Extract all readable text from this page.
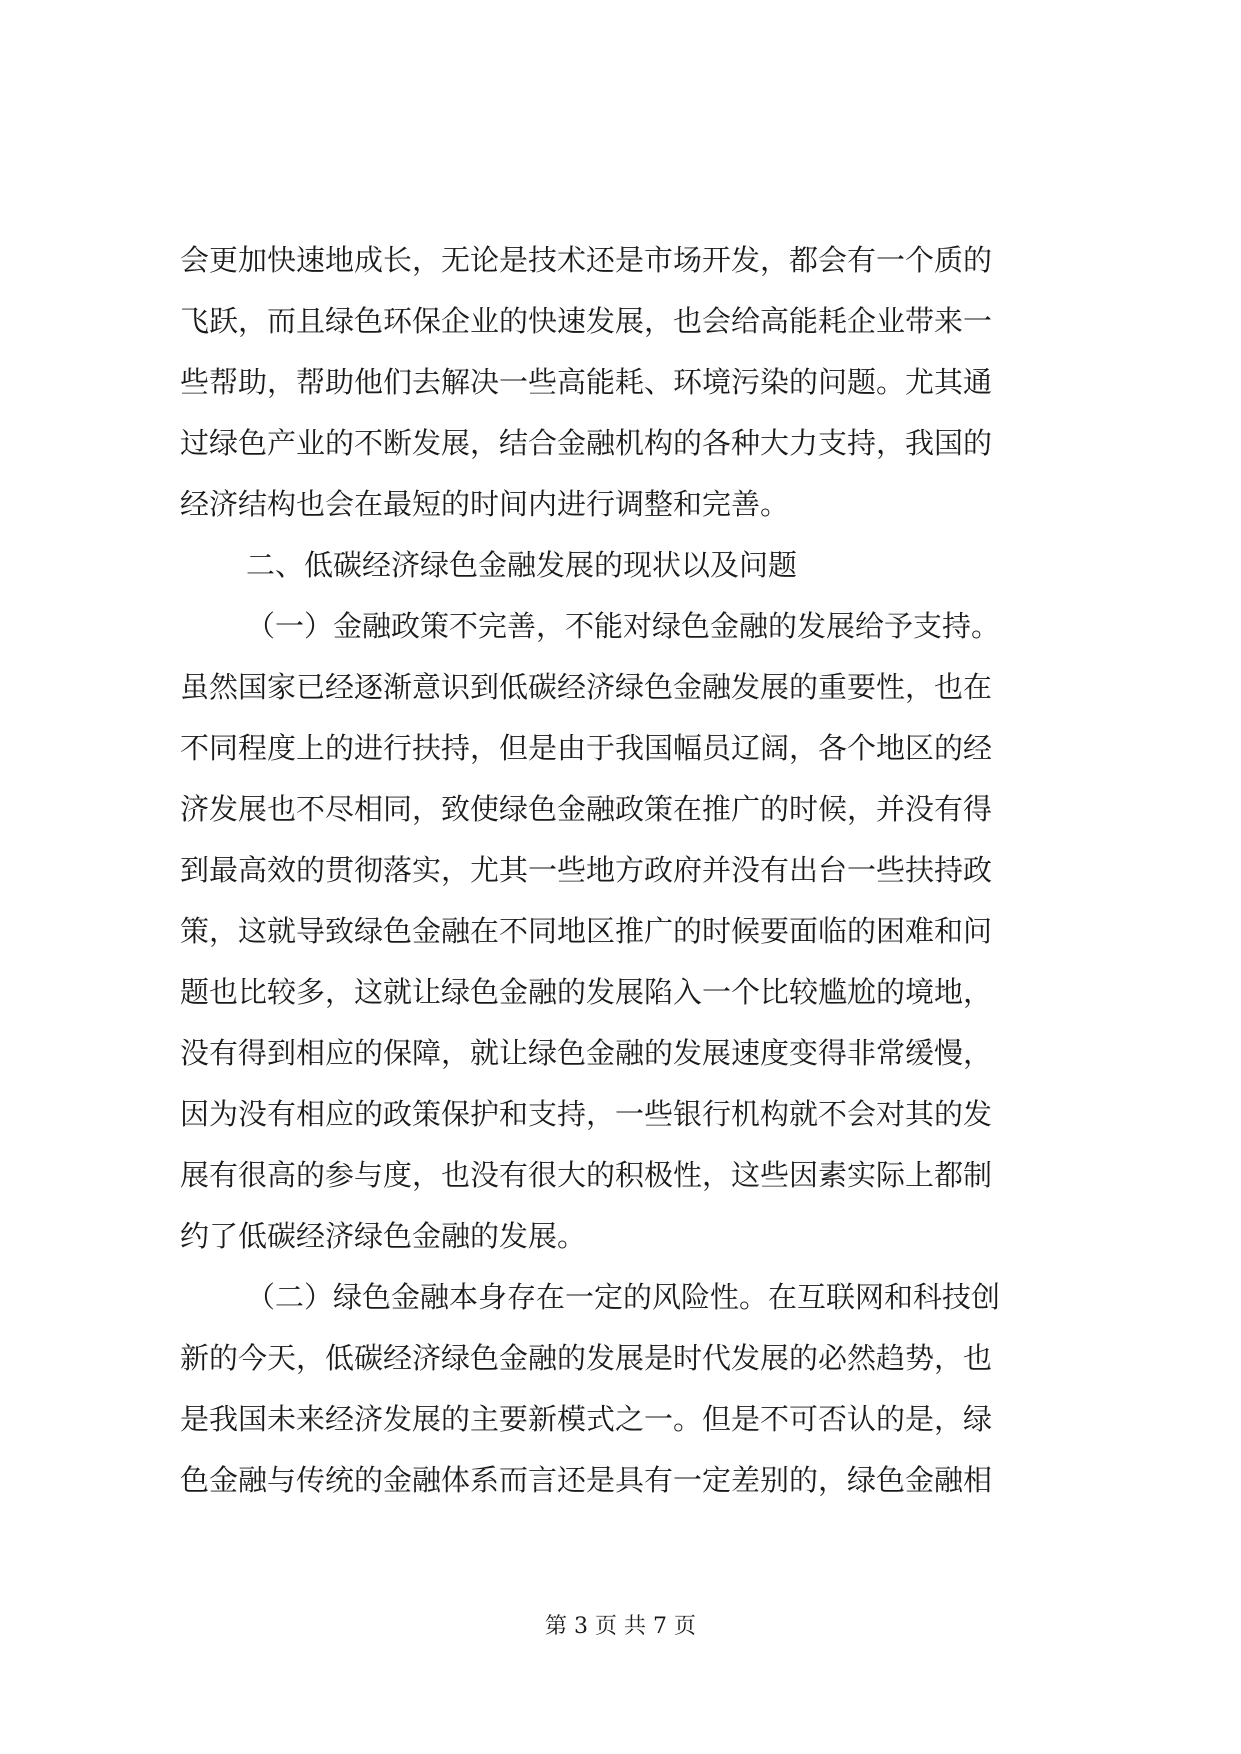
会更加快速地成长，无论是技术还是市场开发，都会有一个质的
飞跃，而且绿色环保企业的快速发展，也会给高能耗企业带来一
些帮助，帮助他们去解决一些高能耗、环境污染的问题。尤其通
过绿色产业的不断发展，结合金融机构的各种大力支持，我国的
经济结构也会在最短的时间内进行调整和完善。
二、低碳经济绿色金融发展的现状以及问题
（一）金融政策不完善，不能对绿色金融的发展给予支持。
虽然国家已经逐渐意识到低碳经济绿色金融发展的重要性，也在
不同程度上的进行扶持，但是由于我国幅员辽阔，各个地区的经
济发展也不尽相同，致使绿色金融政策在推广的时候，并没有得
到最高效的贯彻落实，尤其一些地方政府并没有出台一些扶持政
策，这就导致绿色金融在不同地区推广的时候要面临的困难和问
题也比较多，这就让绿色金融的发展陷入一个比较尴尬的境地，
没有得到相应的保障，就让绿色金融的发展速度变得非常缓慢，
因为没有相应的政策保护和支持，一些银行机构就不会对其的发
展有很高的参与度，也没有很大的积极性，这些因素实际上都制
约了低碳经济绿色金融的发展。
（二）绿色金融本身存在一定的风险性。在互联网和科技创
新的今天，低碳经济绿色金融的发展是时代发展的必然趋势，也
是我国未来经济发展的主要新模式之一。但是不可否认的是，绿
色金融与传统的金融体系而言还是具有一定差别的，绿色金融相
第 3 页 共 7 页
